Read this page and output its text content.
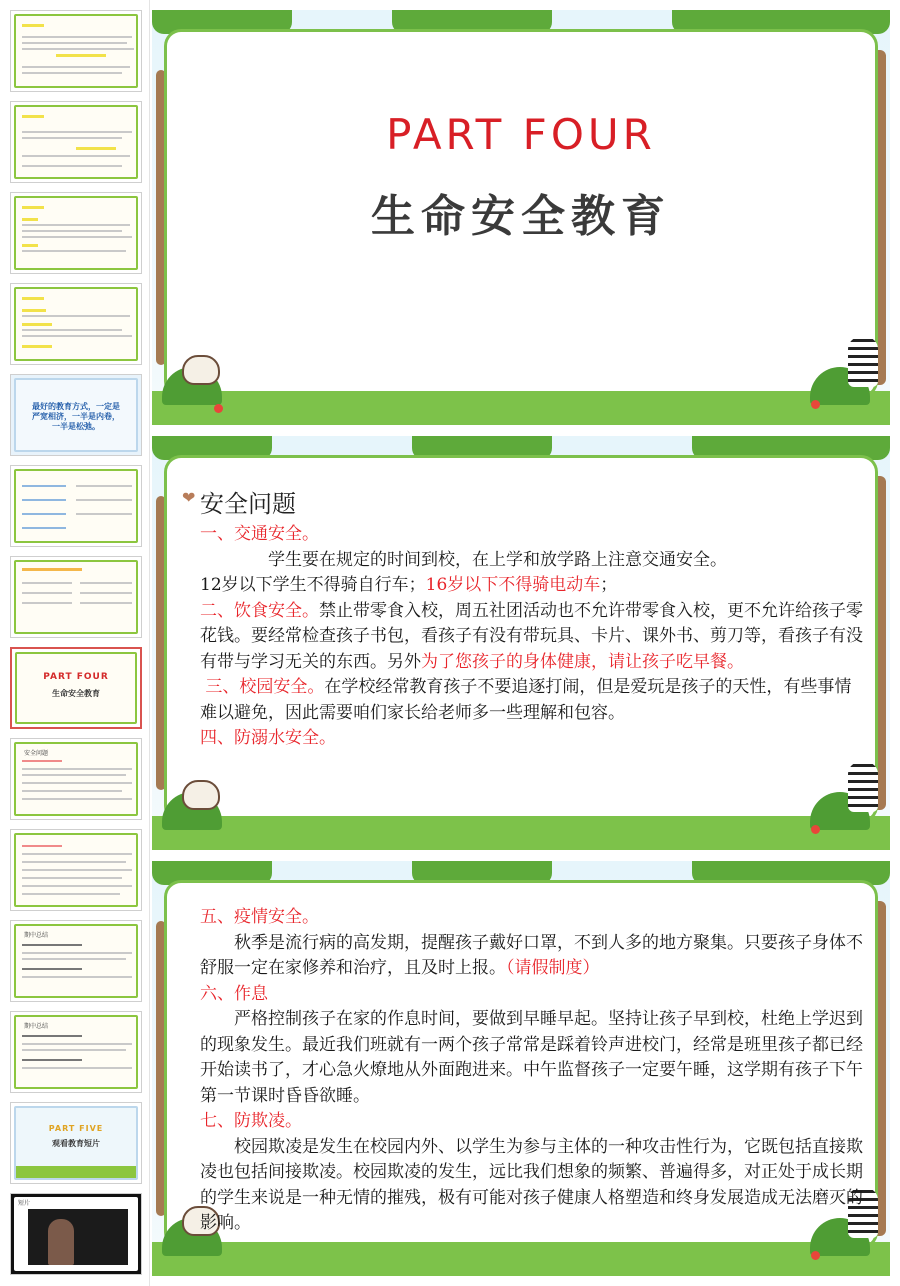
最好的教育方式，一定是严宽相济，一半是内卷，一半是松弛。
PART FOUR
生命安全教育
安全问题
期中总结
期中总结
PART FIVE
观看教育短片
短片
PART FOUR
生命安全教育
❤ 安全问题
一、交通安全。
学生要在规定的时间到校，在上学和放学路上注意交通安全。
12岁以下学生不得骑自行车；16岁以下不得骑电动车；
二、饮食安全。禁止带零食入校，周五社团活动也不允许带零食入校，更不允许给孩子零花钱。要经常检查孩子书包，看孩子有没有带玩具、卡片、课外书、剪刀等，看孩子有没有带与学习无关的东西。另外为了您孩子的身体健康，请让孩子吃早餐。
三、校园安全。在学校经常教育孩子不要追逐打闹，但是爱玩是孩子的天性，有些事情难以避免，因此需要咱们家长给老师多一些理解和包容。
四、防溺水安全。
五、疫情安全。
秋季是流行病的高发期，提醒孩子戴好口罩，不到人多的地方聚集。只要孩子身体不舒服一定在家修养和治疗，且及时上报。（请假制度）
六、作息
严格控制孩子在家的作息时间，要做到早睡早起。坚持让孩子早到校，杜绝上学迟到的现象发生。最近我们班就有一两个孩子常常是踩着铃声进校门，经常是班里孩子都已经开始读书了，才心急火燎地从外面跑进来。中午监督孩子一定要午睡，这学期有孩子下午第一节课时昏昏欲睡。
七、防欺凌。
校园欺凌是发生在校园内外、以学生为参与主体的一种攻击性行为，它既包括直接欺凌也包括间接欺凌。校园欺凌的发生，远比我们想象的频繁、普遍得多，对正处于成长期的学生来说是一种无情的摧残，极有可能对孩子健康人格塑造和终身发展造成无法磨灭的影响。
